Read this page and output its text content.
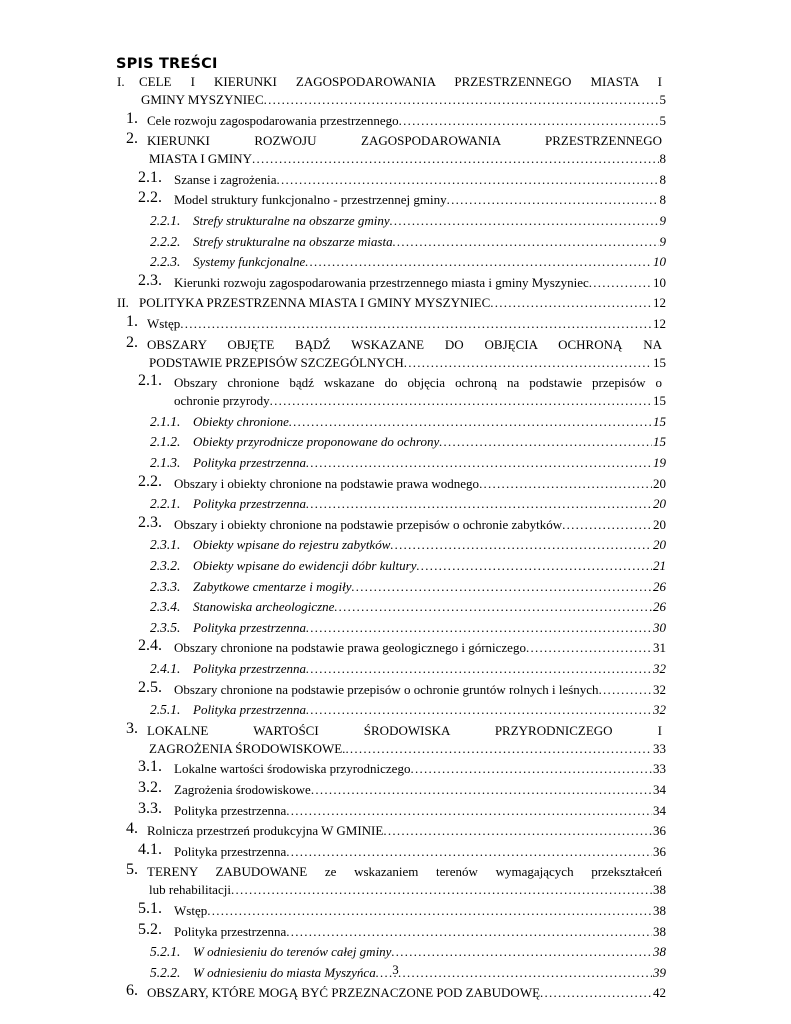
SPIS TREŚCI
I. CELE I KIERUNKI ZAGOSPODAROWANIA PRZESTRZENNEGO MIASTA I
GMINY MYSZYNIEC . . .	5
1. Cele rozwoju zagospodarowania przestrzennego . . .	5
2. KIERUNKI ROZWOJU ZAGOSPODAROWANIA PRZESTRZENNEGO
MIASTA I GMINY . . .	8
2.1. Szanse i zagrożenia . . .	8
2.2. Model struktury funkcjonalno - przestrzennej gminy . . .	8
2.2.1. Strefy strukturalne na obszarze gminy . . .	9
2.2.2. Strefy strukturalne na obszarze miasta . . .	9
2.2.3. Systemy funkcjonalne . . .	10
2.3. Kierunki rozwoju zagospodarowania przestrzennego miasta i gminy Myszyniec . . .	10
II. POLITYKA PRZESTRZENNA MIASTA I GMINY MYSZYNIEC . . .	12
1. Wstęp . . .	12
2. OBSZARY OBJĘTE BĄDŹ WSKAZANE DO OBJĘCIA OCHRONĄ NA
PODSTAWIE PRZEPISÓW SZCZEGÓLNYCH . . .	15
2.1. Obszary chronione bądź wskazane do objęcia ochroną na podstawie przepisów o
ochronie przyrody . . .	15
2.1.1. Obiekty chronione . . .	15
2.1.2. Obiekty przyrodnicze proponowane do ochrony . . .	15
2.1.3. Polityka przestrzenna . . .	19
2.2. Obszary i obiekty chronione na podstawie prawa wodnego . . .	20
2.2.1. Polityka przestrzenna . . .	20
2.3. Obszary i obiekty chronione na podstawie przepisów o ochronie zabytków . . .	20
2.3.1. Obiekty wpisane do rejestru zabytków . . .	20
2.3.2. Obiekty wpisane do ewidencji dóbr kultury . . .	21
2.3.3. Zabytkowe cmentarze i mogiły . . .	26
2.3.4. Stanowiska archeologiczne . . .	26
2.3.5. Polityka przestrzenna . . .	30
2.4. Obszary chronione na podstawie prawa geologicznego i górniczego . . .	31
2.4.1. Polityka przestrzenna . . .	32
2.5. Obszary chronione na podstawie przepisów o ochronie gruntów rolnych i leśnych . . .	32
2.5.1. Polityka przestrzenna . . .	32
3. LOKALNE WARTOŚCI ŚRODOWISKA PRZYRODNICZEGO I
ZAGROŻENIA ŚRODOWISKOWE. . . .	33
3.1. Lokalne wartości środowiska przyrodniczego . . .	33
3.2. Zagrożenia środowiskowe . . .	34
3.3. Polityka przestrzenna . . .	34
4. Rolnicza przestrzeń produkcyjna W GMINIE . . .	36
4.1. Polityka przestrzenna . . .	36
5. TERENY ZABUDOWANE ze wskazaniem terenów wymagających przekształceń
lub rehabilitacji . . .	38
5.1. Wstęp . . .	38
5.2. Polityka przestrzenna . . .	38
5.2.1. W odniesieniu do terenów całej gminy . . .	38
5.2.2. W odniesieniu do miasta Myszyńca . . .	39
6. OBSZARY, KTÓRE MOGĄ BYĆ PRZEZNACZONE POD ZABUDOWĘ . . .	42
3
